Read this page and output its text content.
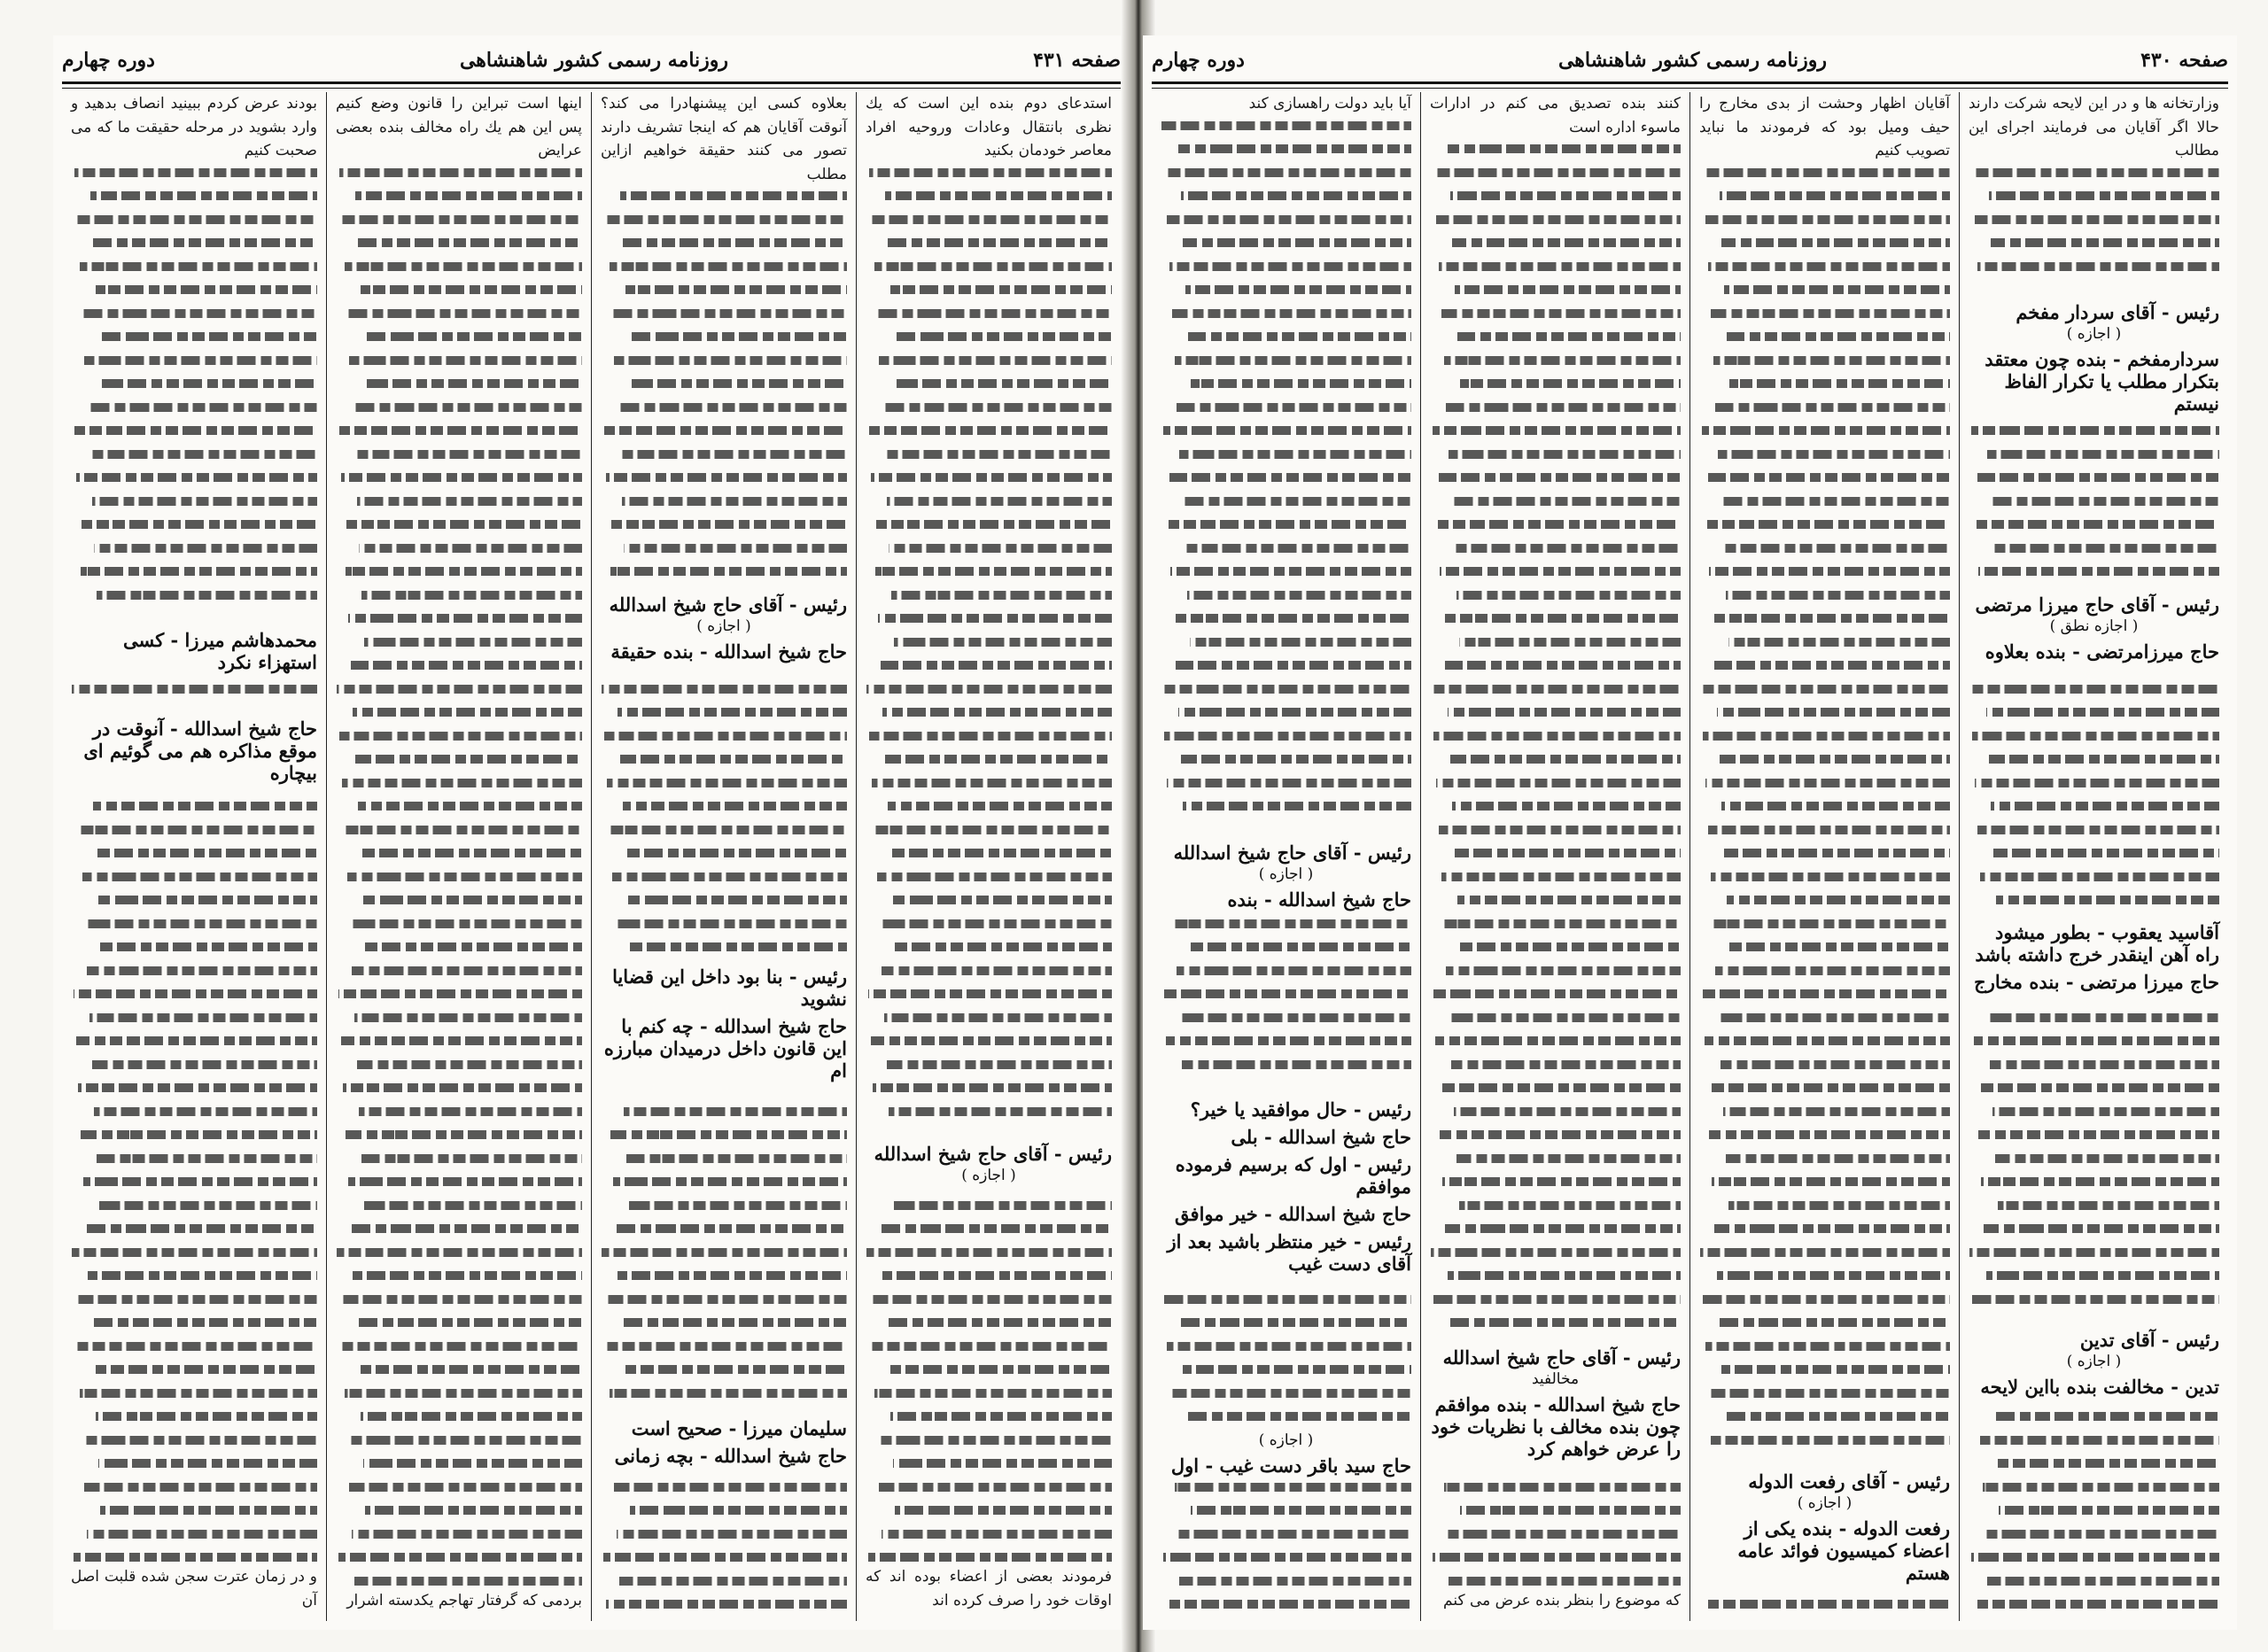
صفحه ۴۳۱
روزنامه رسمی کشور شاهنشاهی
دوره چهارم
استدعای دوم بنده این است که یك نظری بانتقال وعادات وروحیه افراد معاصر خودمان بکنید
رئیس - آقای حاج شیخ اسدالله
( اجازه )
فرمودند بعضی از اعضاء بوده اند که اوقات خود را صرف کرده اند
بعلاوه کسی این پیشنهادرا می کند؟ آنوقت آقایان هم که اینجا تشریف دارند تصور می کنند حقیقة خواهیم ازاین مطلب
رئیس - آقای حاج شیخ اسدالله
( اجازه )
حاج شیخ اسدالله - بنده حقیقة
رئیس - بنا بود داخل این قضایا نشوید
حاج شیخ اسدالله - چه کنم با این قانون داخل درمیدان مبارزه ام
سلیمان میرزا - صحیح است
حاج شیخ اسدالله - بچه زمانی
اینها است تبراین را قانون وضع کنیم پس این هم یك راه مخالف بنده بعضی عرایض
بردمی که گرفتار تهاجم یکدسته اشرار
بودند عرض کردم ببینید انصاف بدهید و وارد بشوید در مرحله حقیقت ما که می صحبت کنیم
محمدهاشم میرزا - کسی استهزاء نکرد
حاج شیخ اسدالله - آنوقت در موقع مذاکره هم می گوئیم ای بیچاره
و در زمان عترت سجن شده قلبت اصل آن
صفحه ۴۳۰
روزنامه رسمی کشور شاهنشاهی
دوره چهارم
وزارتخانه ها و در این لایحه شرکت دارند حالا اگر آقایان می فرمایند اجرای این مطالب
رئیس - آقای سردار مفخم
( اجازه )
سردارمفخم - بنده چون معتقد بتکرار مطلب یا تکرار الفاظ نیستم
رئیس - آقای حاج میرزا مرتضی
( اجازه نطق )
حاج میرزامرتضی - بنده بعلاوه
آقاسید یعقوب - بطور میشود راه آهن اینقدر خرج داشته باشد
حاج میرزا مرتضی - بنده مخارج
رئیس - آقای تدین
( اجازه )
تدین - مخالفت بنده بااین لایحه
آقایان اظهار وحشت از بدی مخارج را حیف ومیل بود که فرمودند ما نباید تصویب کنیم
رئیس - آقای رفعت الدوله
( اجازه )
رفعت الدوله - بنده یکی از اعضاء کمیسیون فوائد عامه هستم
کنند بنده تصدیق می کنم در ادارات ماسوء اداره است
رئیس - آقای حاج شیخ اسدالله
مخالفید
حاج شیخ اسدالله - بنده موافقم چون بنده مخالف با نظریات خود را عرض خواهم کرد
که موضوع را بنظر بنده عرض می کنم
آیا باید دولت راهسازی کند
رئیس - آقای حاج شیخ اسدالله
( اجازه )
حاج شیخ اسدالله - بنده
رئیس - حال موافقید یا خیر؟
حاج شیخ اسدالله - بلی
رئیس - اول که برسیم فرموده موافقم
حاج شیخ اسدالله - خیر موافق
رئیس - خیر منتظر باشید بعد از آقای دست غیب
( اجازه )
حاج سید باقر دست غیب - اول
